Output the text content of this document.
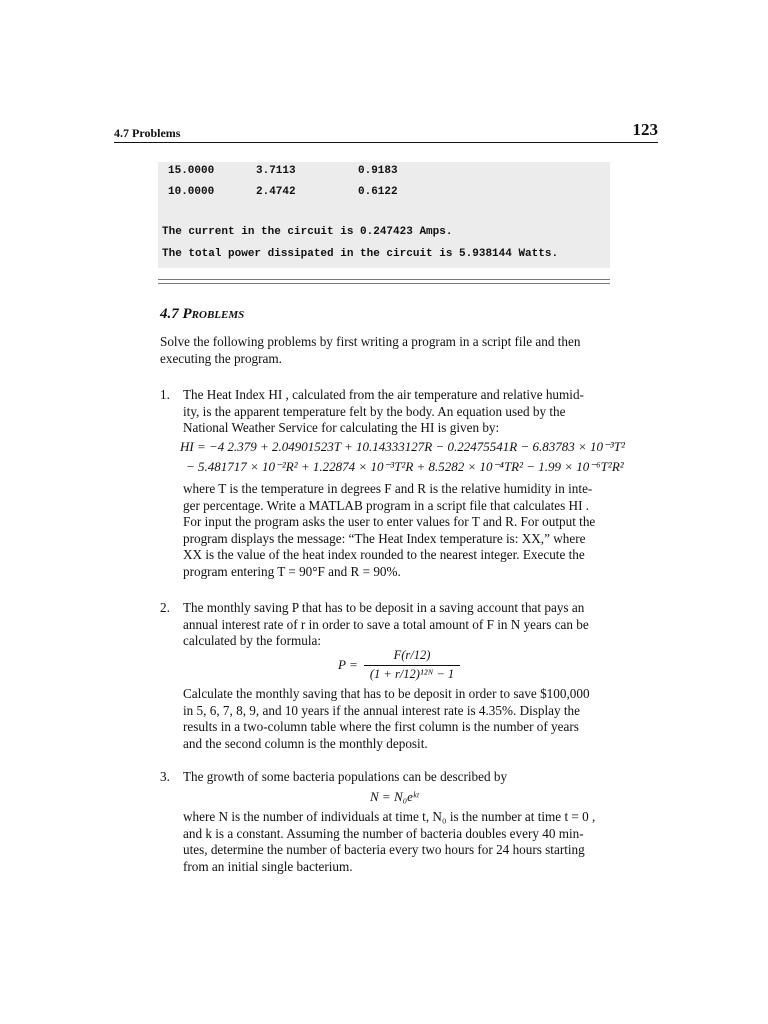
4.7 Problems	123
15.0000	3.7113	0.9183
10.0000	2.4742	0.6122
The current in the circuit is 0.247423 Amps.
The total power dissipated in the circuit is 5.938144 Watts.
4.7 Problems
Solve the following problems by first writing a program in a script file and then
executing the program.
1. The Heat Index HI , calculated from the air temperature and relative humid-
ity, is the apparent temperature felt by the body. An equation used by the
National Weather Service for calculating the HI is given by:
HI = −4 2.379 + 2.04901523T + 10.14333127R − 0.22475541R − 6.83783 × 10⁻³T²
− 5.481717 × 10⁻²R² + 1.22874 × 10⁻³T²R + 8.5282 × 10⁻⁴TR² − 1.99 × 10⁻⁶T²R²
where T is the temperature in degrees F and R is the relative humidity in inte-
ger percentage. Write a MATLAB program in a script file that calculates HI .
For input the program asks the user to enter values for T and R. For output the
program displays the message: “The Heat Index temperature is: XX,” where
XX is the value of the heat index rounded to the nearest integer. Execute the
program entering T = 90°F and R = 90%.
2. The monthly saving P that has to be deposit in a saving account that pays an
annual interest rate of r in order to save a total amount of F in N years can be
calculated by the formula:
P =
F(r/12)
(1 + r/12)¹²ᴺ − 1
Calculate the monthly saving that has to be deposit in order to save $100,000
in 5, 6, 7, 8, 9, and 10 years if the annual interest rate is 4.35%. Display the
results in a two-column table where the first column is the number of years
and the second column is the monthly deposit.
3. The growth of some bacteria populations can be described by
N = N₀eᵏᵗ
where N is the number of individuals at time t, N₀ is the number at time t = 0 ,
and k is a constant. Assuming the number of bacteria doubles every 40 min-
utes, determine the number of bacteria every two hours for 24 hours starting
from an initial single bacterium.
